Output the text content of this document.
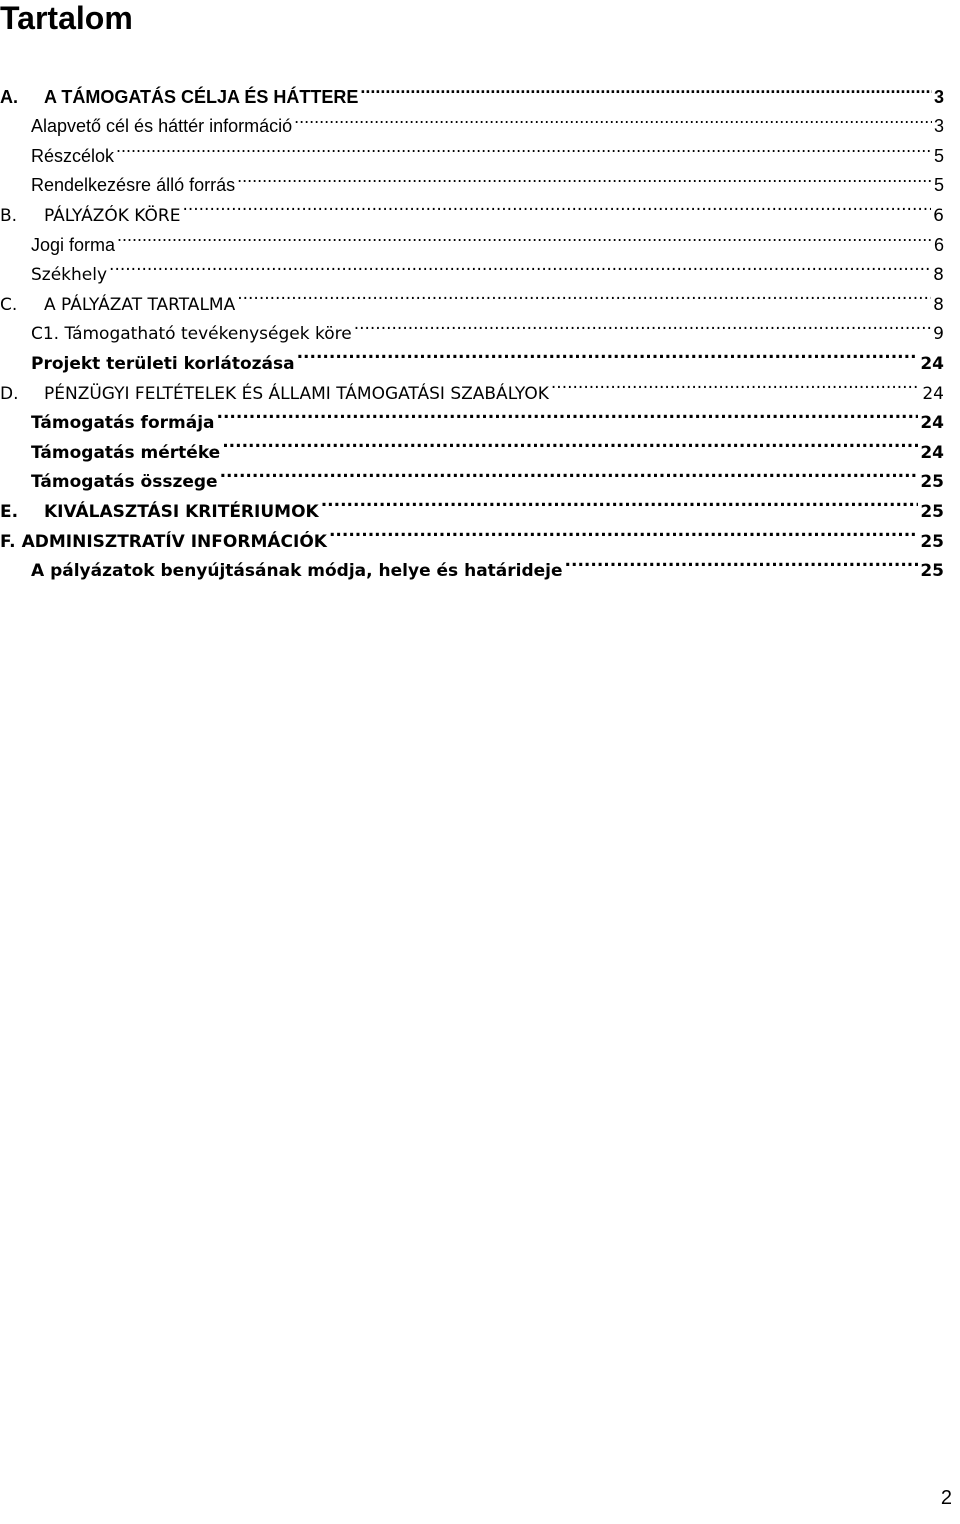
Tartalom
A.	A TÁMOGATÁS CÉLJA ÉS HÁTTERE .....	3
Alapvető cél és háttér információ .....	3
Részcélok .....	5
Rendelkezésre álló forrás .....	5
B.	PÁLYÁZÓK KÖRE .....	6
Jogi forma .....	6
Székhely .....	8
C.	A PÁLYÁZAT TARTALMA .....	8
C1. Támogatható tevékenységek köre .....	9
Projekt területi korlátozása .....	24
D.	PÉNZÜGYI FELTÉTELEK ÉS ÁLLAMI TÁMOGATÁSI SZABÁLYOK .....	24
Támogatás formája .....	24
Támogatás mértéke .....	24
Támogatás összege .....	25
E.	KIVÁLASZTÁSI KRITÉRIUMOK .....	25
F. ADMINISZTRATÍV INFORMÁCIÓK .....	25
A pályázatok benyújtásának módja, helye és határideje .....	25
2
